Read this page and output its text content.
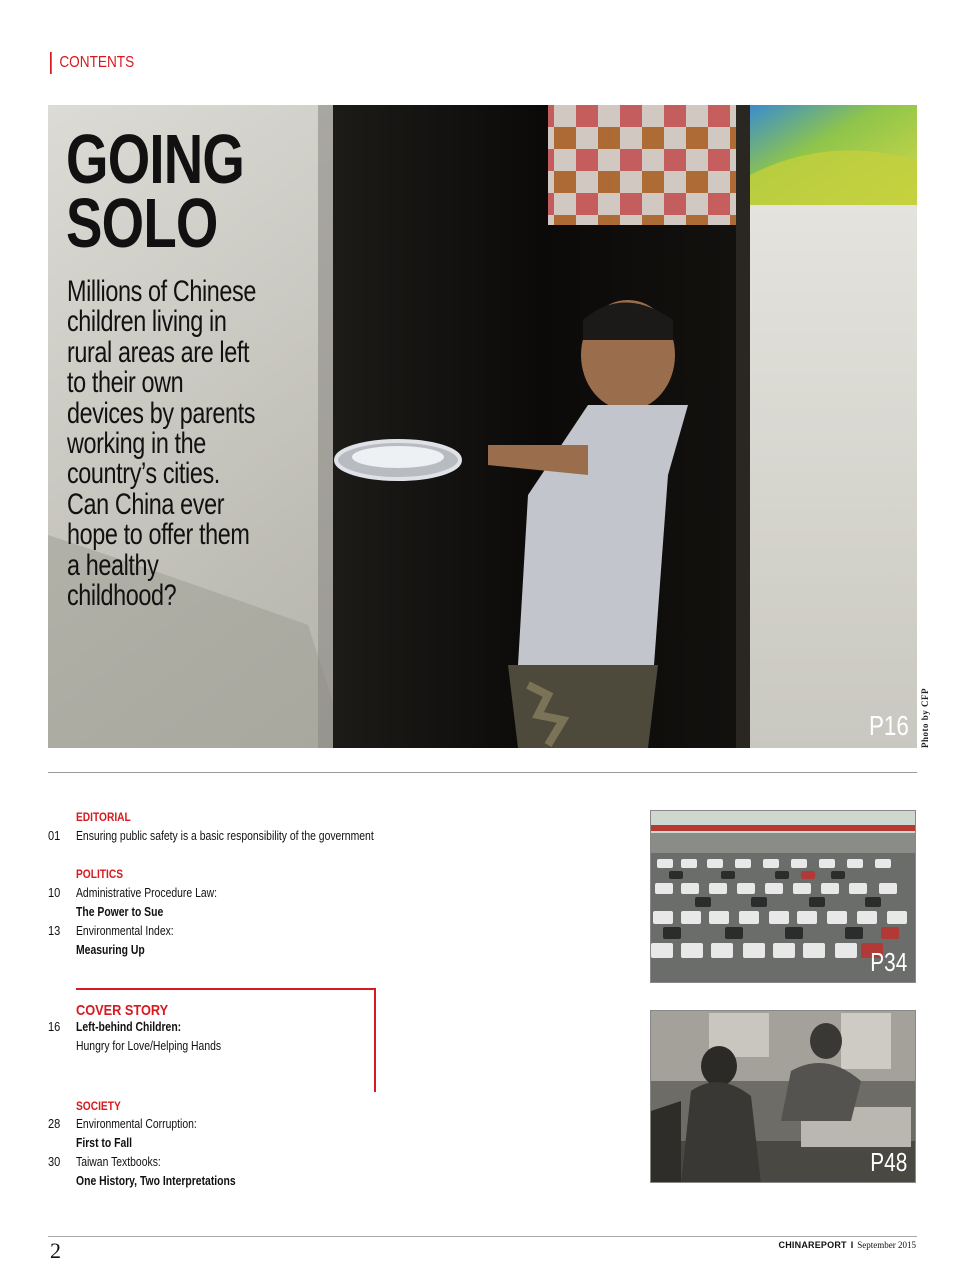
CONTENTS
GOING
SOLO

Millions of Chinese children living in rural areas are left to their own devices by parents working in the country’s cities. Can China ever hope to offer them a healthy childhood?

P16 Photo by CFP
EDITORIAL
01	Ensuring public safety is a basic responsibility of the government
POLITICS
10	Administrative Procedure Law:
The Power to Sue
13	Environmental Index:
Measuring Up
COVER STORY
16	Left-behind Children:
Hungry for Love/Helping Hands
SOCIETY
28	Environmental Corruption:
First to Fall
30	Taiwan Textbooks:
One History, Two Interpretations
P34
P48
2	CHINAREPORT I September 2015
